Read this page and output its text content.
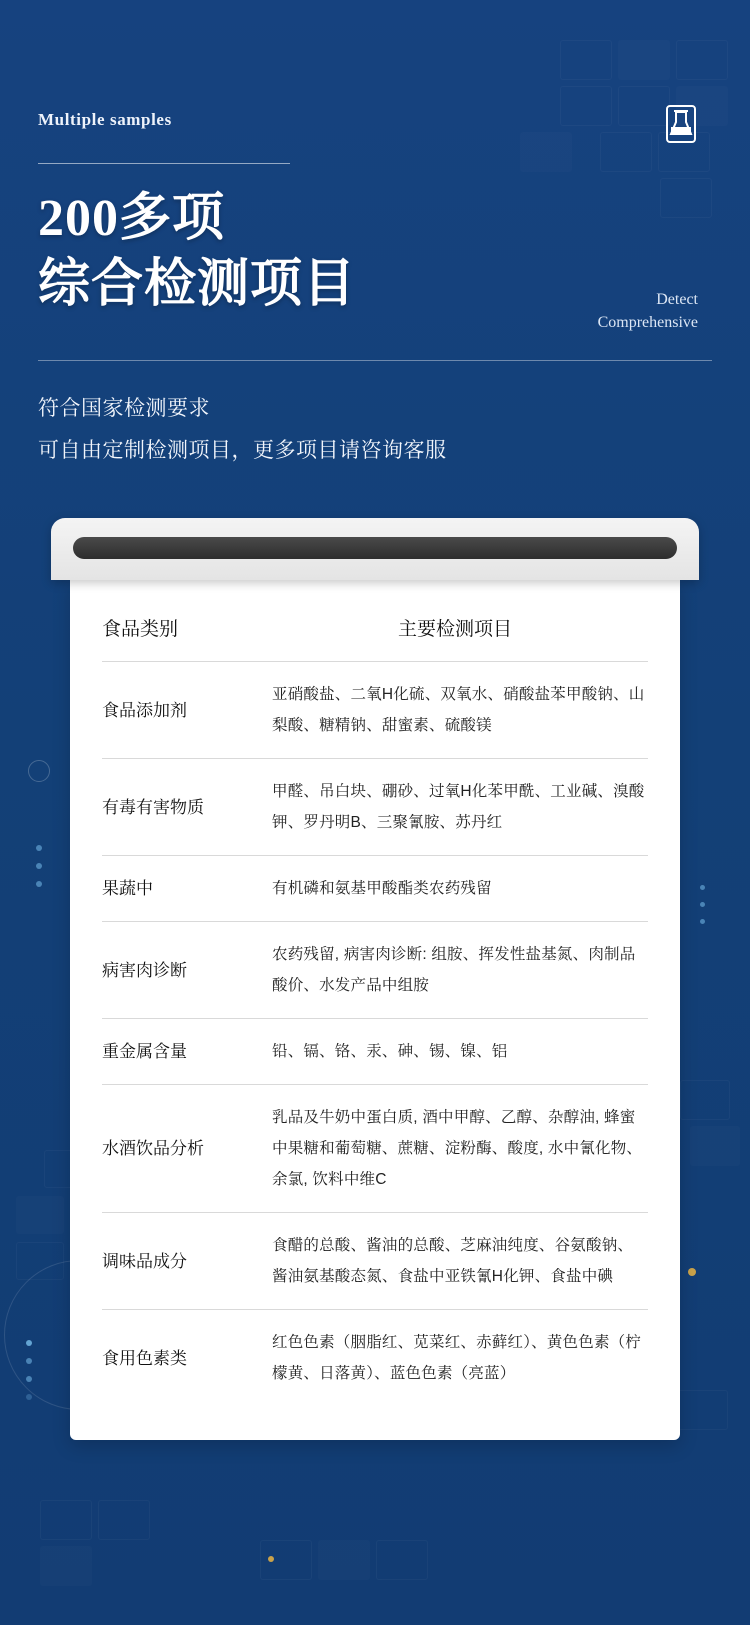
Multiple samples
200多项
综合检测项目	Detect
Comprehensive
符合国家检测要求
可自由定制检测项目，更多项目请咨询客服
食品类别	主要检测项目
食品添加剂	亚硝酸盐、二氧H化硫、双氧水、硝酸盐苯甲酸钠、山梨酸、糖精钠、甜蜜素、硫酸镁
有毒有害物质	甲醛、吊白块、硼砂、过氧H化苯甲酰、工业碱、溴酸钾、罗丹明B、三聚氰胺、苏丹红
果蔬中	有机磷和氨基甲酸酯类农药残留
病害肉诊断	农药残留, 病害肉诊断: 组胺、挥发性盐基氮、肉制品酸价、水发产品中组胺
重金属含量	铅、镉、铬、汞、砷、锡、镍、铝
水酒饮品分析	乳品及牛奶中蛋白质, 酒中甲醇、乙醇、杂醇油, 蜂蜜中果糖和葡萄糖、蔗糖、淀粉酶、酸度, 水中氰化物、余氯, 饮料中维C
调味品成分	食醋的总酸、酱油的总酸、芝麻油纯度、谷氨酸钠、酱油氨基酸态氮、食盐中亚铁氰H化钾、食盐中碘
食用色素类	红色色素（胭脂红、苋菜红、赤藓红）、黄色色素（柠檬黄、日落黄）、蓝色色素（亮蓝）
